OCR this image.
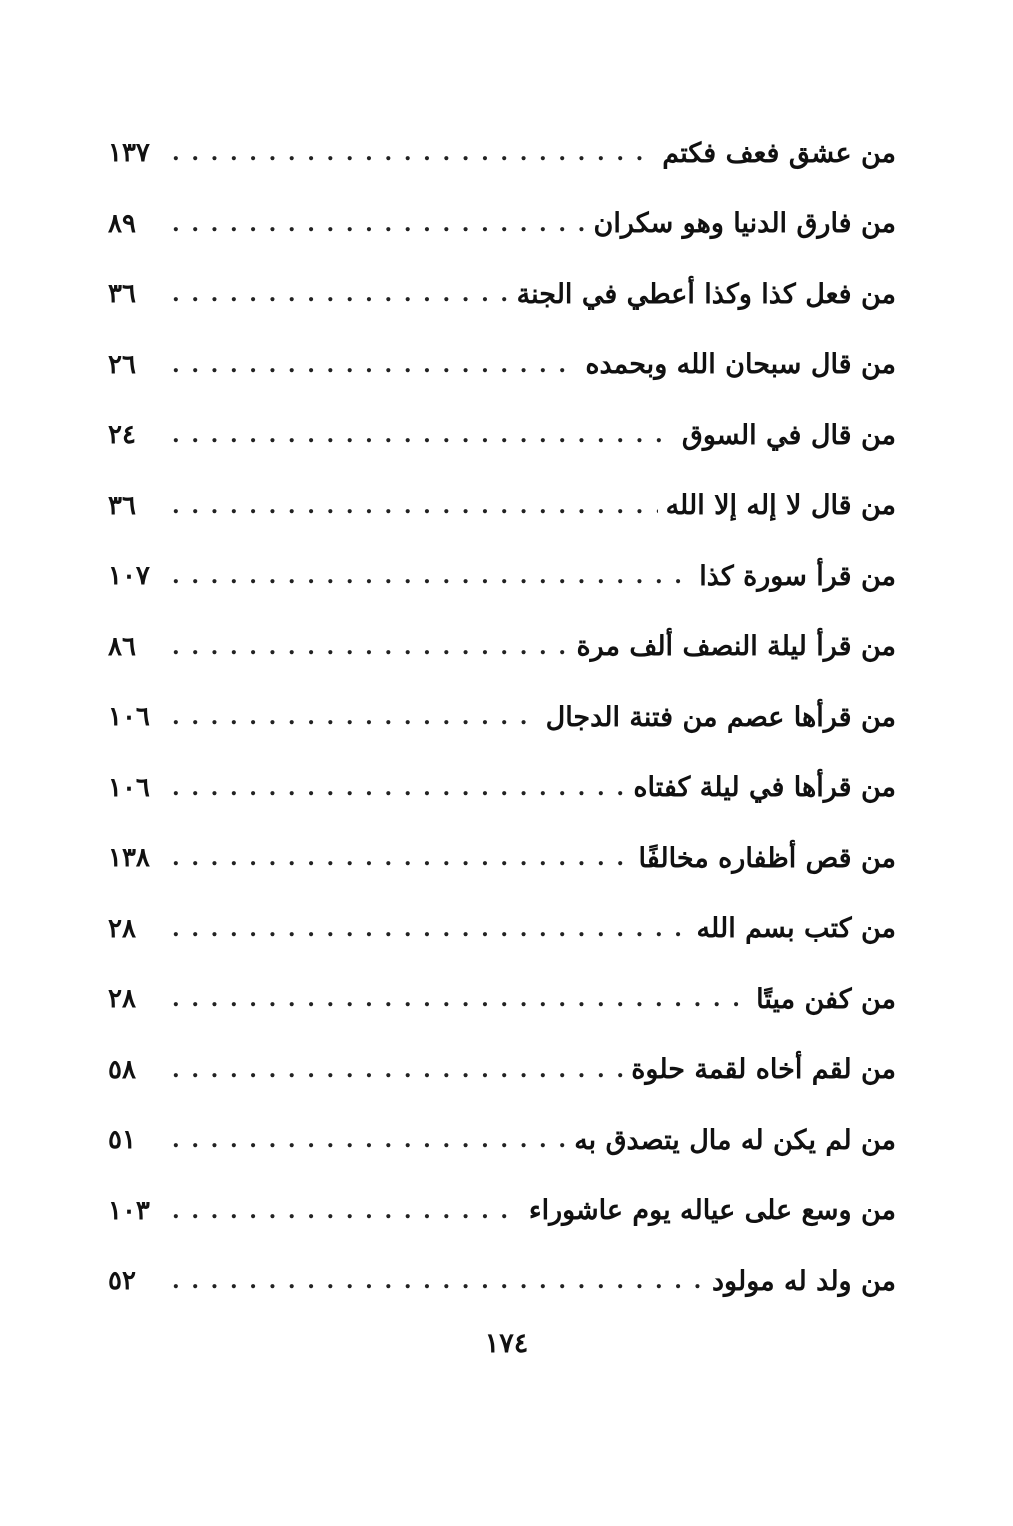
من عشق فعف فكتم
. . .
١٣٧
من فارق الدنيا وهو سكران
. . .
٨٩
من فعل كذا وكذا أعطي في الجنة
. . .
٣٦
من قال سبحان الله وبحمده
. . .
٢٦
من قال في السوق
. . .
٢٤
من قال لا إله إلا الله
. . .
٣٦
من قرأ سورة كذا
. . .
١٠٧
من قرأ ليلة النصف ألف مرة
. . .
٨٦
من قرأها عصم من فتنة الدجال
. . .
١٠٦
من قرأها في ليلة كفتاه
. . .
١٠٦
من قص أظفاره مخالفًا
. . .
١٣٨
من كتب بسم الله
. . .
٢٨
من كفن ميتًا
. . .
٢٨
من لقم أخاه لقمة حلوة
. . .
٥٨
من لم يكن له مال يتصدق به
. . .
٥١
من وسع على عياله يوم عاشوراء
. . .
١٠٣
من ولد له مولود
. . .
٥٢
١٧٤
